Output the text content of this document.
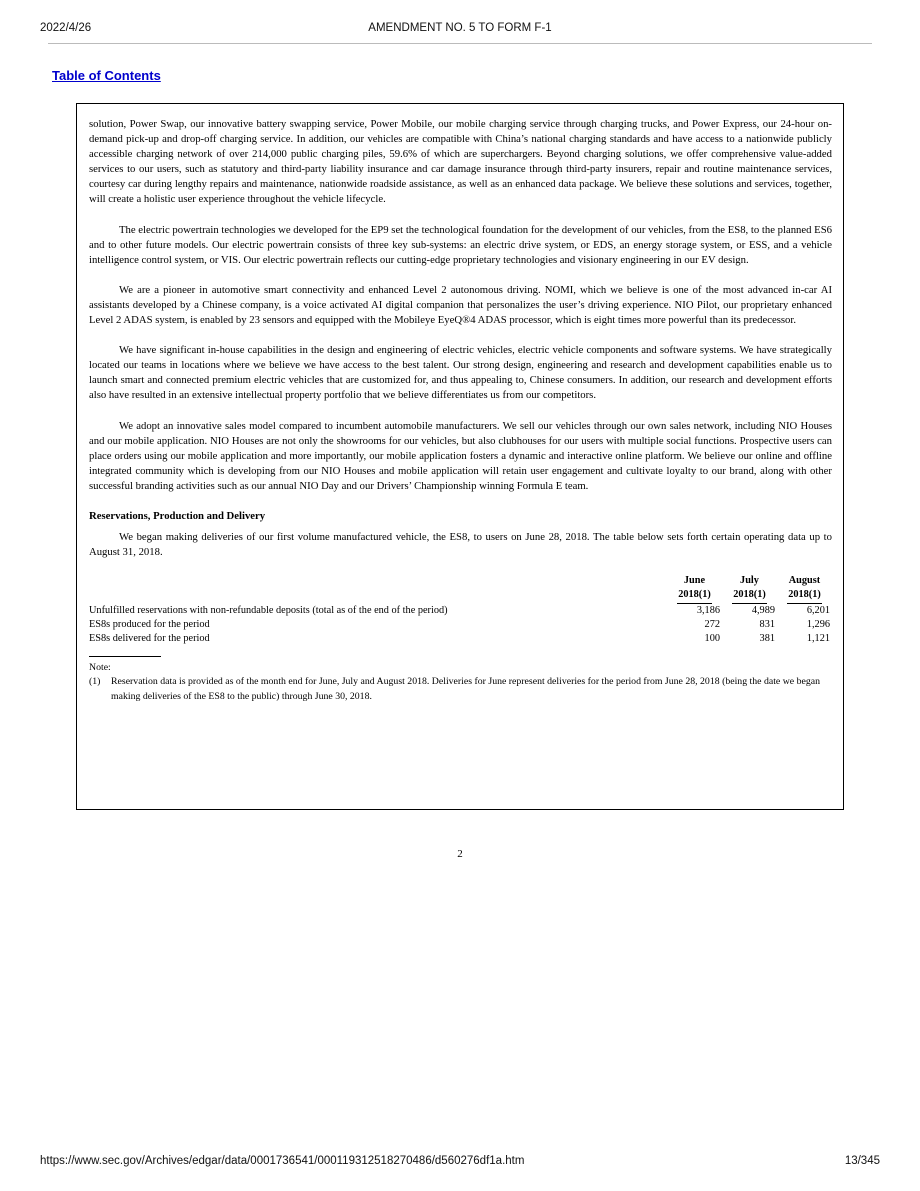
2022/4/26	AMENDMENT NO. 5 TO FORM F-1
Table of Contents

solution, Power Swap, our innovative battery swapping service, Power Mobile, our mobile charging service through charging trucks, and Power Express, our 24-hour on-demand pick-up and drop-off charging service. In addition, our vehicles are compatible with China’s national charging standards and have access to a nationwide publicly accessible charging network of over 214,000 public charging piles, 59.6% of which are superchargers. Beyond charging solutions, we offer comprehensive value-added services to our users, such as statutory and third-party liability insurance and car damage insurance through third-party insurers, repair and routine maintenance services, courtesy car during lengthy repairs and maintenance, nationwide roadside assistance, as well as an enhanced data package. We believe these solutions and services, together, will create a holistic user experience throughout the vehicle lifecycle.

The electric powertrain technologies we developed for the EP9 set the technological foundation for the development of our vehicles, from the ES8, to the planned ES6 and to other future models. Our electric powertrain consists of three key sub-systems: an electric drive system, or EDS, an energy storage system, or ESS, and a vehicle intelligence control system, or VIS. Our electric powertrain reflects our cutting-edge proprietary technologies and visionary engineering in our EV design.

We are a pioneer in automotive smart connectivity and enhanced Level 2 autonomous driving. NOMI, which we believe is one of the most advanced in-car AI assistants developed by a Chinese company, is a voice activated AI digital companion that personalizes the user’s driving experience. NIO Pilot, our proprietary enhanced Level 2 ADAS system, is enabled by 23 sensors and equipped with the Mobileye EyeQ®4 ADAS processor, which is eight times more powerful than its predecessor.

We have significant in-house capabilities in the design and engineering of electric vehicles, electric vehicle components and software systems. We have strategically located our teams in locations where we believe we have access to the best talent. Our strong design, engineering and research and development capabilities enable us to launch smart and connected premium electric vehicles that are customized for, and thus appealing to, Chinese consumers. In addition, our research and development efforts also have resulted in an extensive intellectual property portfolio that we believe differentiates us from our competitors.

We adopt an innovative sales model compared to incumbent automobile manufacturers. We sell our vehicles through our own sales network, including NIO Houses and our mobile application. NIO Houses are not only the showrooms for our vehicles, but also clubhouses for our users with multiple social functions. Prospective users can place orders using our mobile application and more importantly, our mobile application fosters a dynamic and interactive online platform. We believe our online and offline integrated community which is developing from our NIO Houses and mobile application will retain user engagement and cultivate loyalty to our brand, along with other successful branding activities such as our annual NIO Day and our Drivers’ Championship winning Formula E team.

Reservations, Production and Delivery

We began making deliveries of our first volume manufactured vehicle, the ES8, to users on June 28, 2018. The table below sets forth certain operating data up to August 31, 2018.

	June	July	August
	2018(1)	2018(1)	2018(1)
Unfulfilled reservations with non-refundable deposits (total as of the end of the period)	3,186	4,989	6,201
ES8s produced for the period	272	831	1,296
ES8s delivered for the period	100	381	1,121
Note:
(1)	Reservation data is provided as of the month end for June, July and August 2018. Deliveries for June represent deliveries for the period from June 28, 2018 (being the date we began making deliveries of the ES8 to the public) through June 30, 2018.
2
https://www.sec.gov/Archives/edgar/data/0001736541/000119312518270486/d560276df1a.htm	13/345
